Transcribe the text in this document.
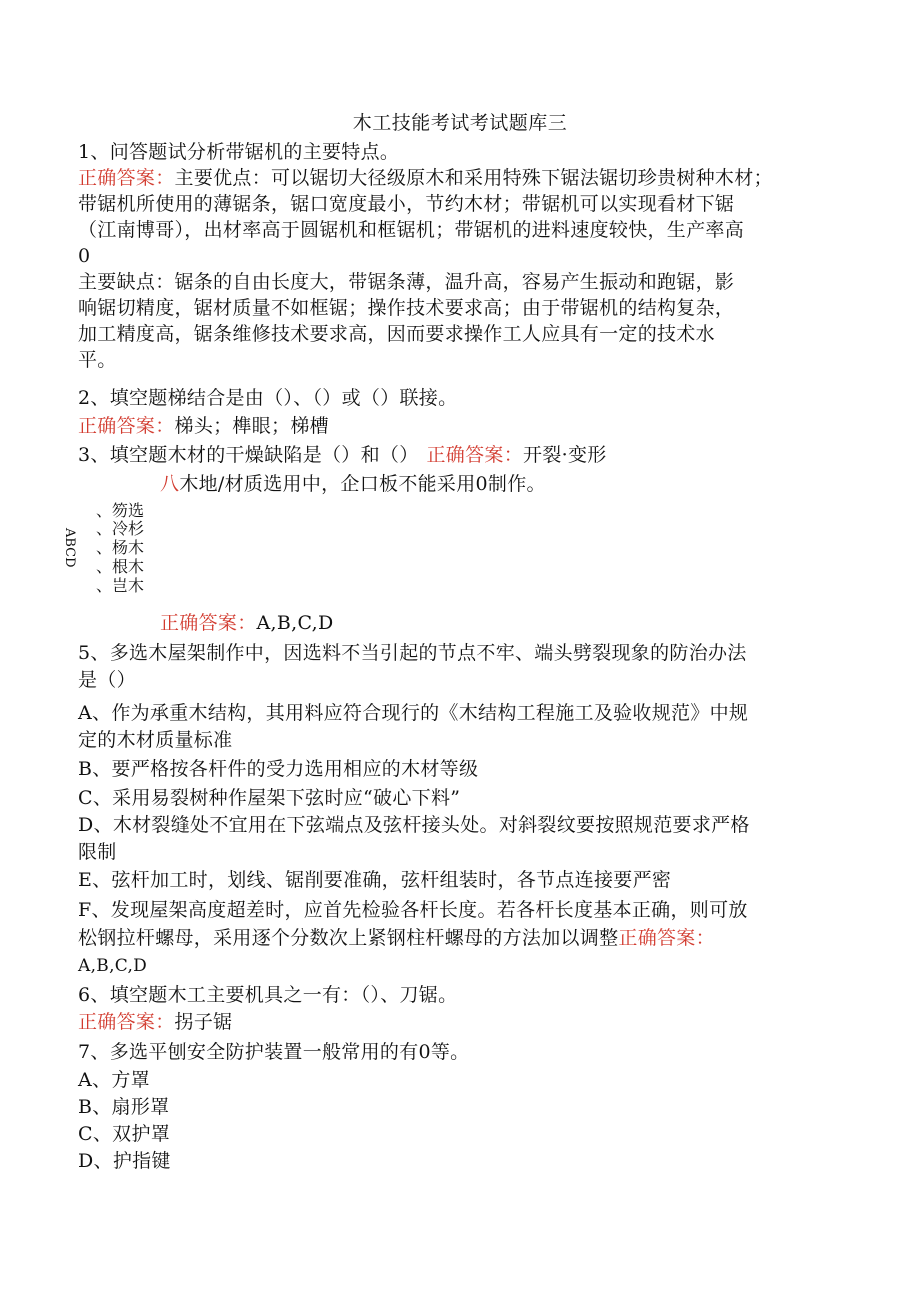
木工技能考试考试题库三
1、问答题试分析带锯机的主要特点。
正确答案：主要优点：可以锯切大径级原木和采用特殊下锯法锯切珍贵树种木材；
带锯机所使用的薄锯条，锯口宽度最小，节约木材；带锯机可以实现看材下锯
（江南博哥），出材率高于圆锯机和框锯机；带锯机的进料速度较快，生产率高
0
主要缺点：锯条的自由长度大，带锯条薄，温升高，容易产生振动和跑锯，影
响锯切精度，锯材质量不如框锯；操作技术要求高；由于带锯机的结构复杂，
加工精度高，锯条维修技术要求高，因而要求操作工人应具有一定的技术水
平。
2、填空题梯结合是由（）、（）或（）联接。
正确答案：梯头；榫眼；梯槽
3、填空题木材的干燥缺陷是（）和（） 正确答案：开裂·变形
八木地/材质选用中，企口板不能采用0制作。
ABCD
、笏选
、冷杉
、杨木
、根木
、岂木
正确答案：A,B,C,D
5、多选木屋架制作中，因选料不当引起的节点不牢、端头劈裂现象的防治办法
是（）
A、作为承重木结构，其用料应符合现行的《木结构工程施工及验收规范》中规
定的木材质量标准
B、要严格按各杆件的受力选用相应的木材等级
C、采用易裂树种作屋架下弦时应“破心下料”
D、木材裂缝处不宜用在下弦端点及弦杆接头处。对斜裂纹要按照规范要求严格
限制
E、弦杆加工时，划线、锯削要准确，弦杆组装时，各节点连接要严密
F、发现屋架高度超差时，应首先检验各杆长度。若各杆长度基本正确，则可放
松钢拉杆螺母，采用逐个分数次上紧钢柱杆螺母的方法加以调整正确答案：
A,B,C,D
6、填空题木工主要机具之一有：（）、刀锯。
正确答案：拐子锯
7、多选平刨安全防护装置一般常用的有0等。
A、方罩
B、扇形罩
C、双护罩
D、护指键
